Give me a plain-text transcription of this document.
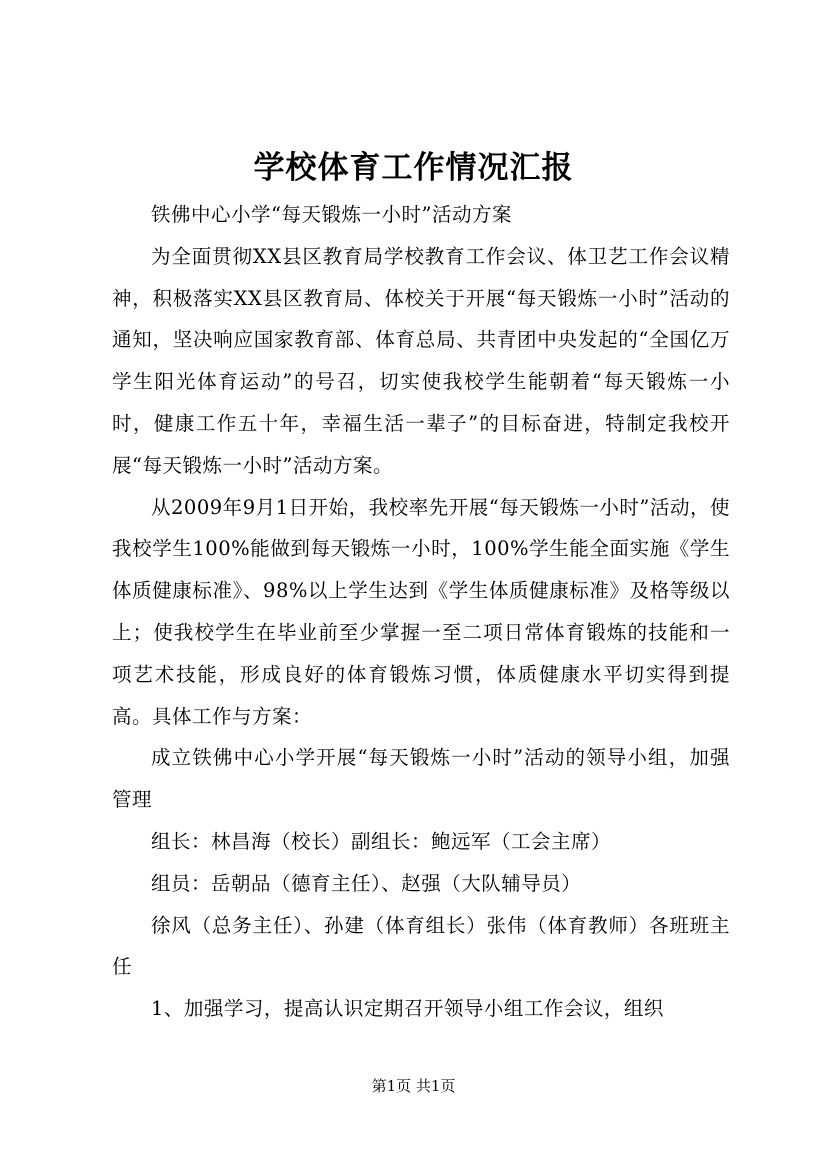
学校体育工作情况汇报

铁佛中心小学“每天锻炼一小时”活动方案

为全面贯彻XX县区教育局学校教育工作会议、体卫艺工作会议精神，积极落实XX县区教育局、体校关于开展“每天锻炼一小时”活动的通知，坚决响应国家教育部、体育总局、共青团中央发起的“全国亿万学生阳光体育运动”的号召，切实使我校学生能朝着“每天锻炼一小时，健康工作五十年，幸福生活一辈子”的目标奋进，特制定我校开展“每天锻炼一小时”活动方案。

从2009年9月1日开始，我校率先开展“每天锻炼一小时”活动，使我校学生100%能做到每天锻炼一小时，100%学生能全面实施《学生体质健康标准》、98%以上学生达到《学生体质健康标准》及格等级以上；使我校学生在毕业前至少掌握一至二项日常体育锻炼的技能和一项艺术技能，形成良好的体育锻炼习惯，体质健康水平切实得到提高。具体工作与方案：

成立铁佛中心小学开展“每天锻炼一小时”活动的领导小组，加强管理

组长：林昌海（校长）副组长：鲍远军（工会主席）

组员：岳朝品（德育主任）、赵强（大队辅导员）

徐风（总务主任）、孙建（体育组长）张伟（体育教师）各班班主任

1、加强学习，提高认识定期召开领导小组工作会议，组织

第1页 共1页
